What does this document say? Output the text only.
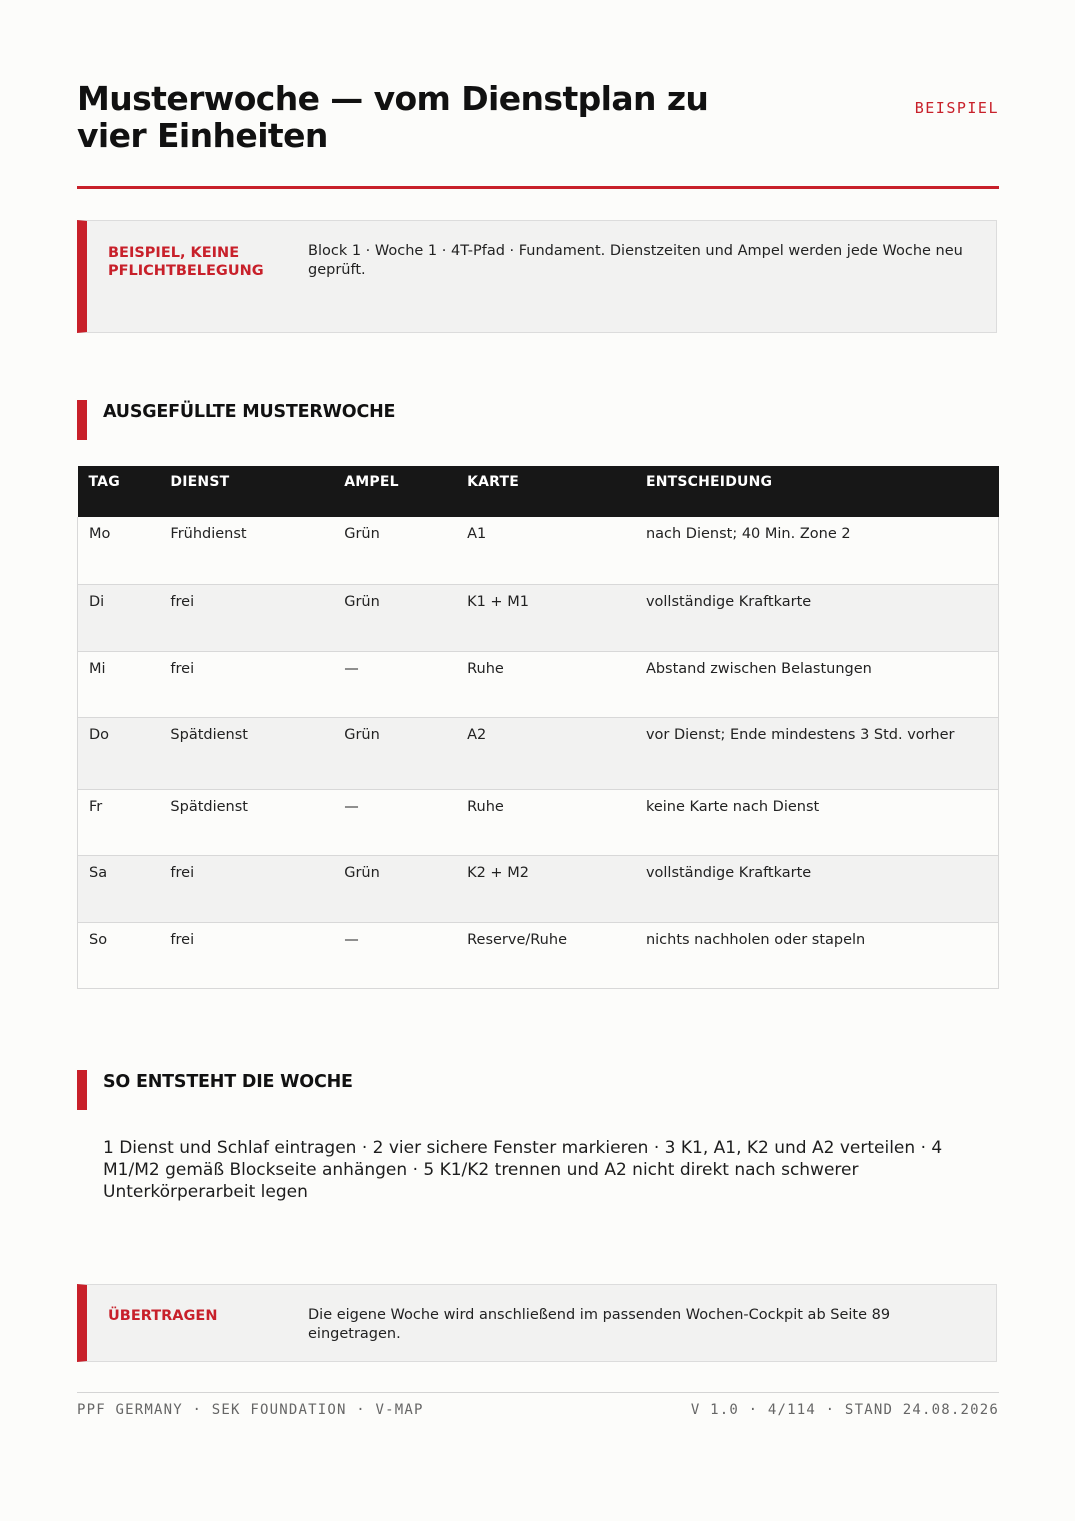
Musterwoche — vom Dienstplan zu vier Einheiten
BEISPIEL
BEISPIEL, KEINE PFLICHTBELEGUNG
Block 1 · Woche 1 · 4T-Pfad · Fundament. Dienstzeiten und Ampel werden jede Woche neu geprüft.
AUSGEFÜLLTE MUSTERWOCHE
TAG	DIENST	AMPEL	KARTE	ENTSCHEIDUNG
Mo	Frühdienst	Grün	A1	nach Dienst; 40 Min. Zone 2
Di	frei	Grün	K1 + M1	vollständige Kraftkarte
Mi	frei	—	Ruhe	Abstand zwischen Belastungen
Do	Spätdienst	Grün	A2	vor Dienst; Ende mindestens 3 Std. vorher
Fr	Spätdienst	—	Ruhe	keine Karte nach Dienst
Sa	frei	Grün	K2 + M2	vollständige Kraftkarte
So	frei	—	Reserve/Ruhe	nichts nachholen oder stapeln
SO ENTSTEHT DIE WOCHE
1 Dienst und Schlaf eintragen · 2 vier sichere Fenster markieren · 3 K1, A1, K2 und A2 verteilen · 4 M1/M2 gemäß Blockseite anhängen · 5 K1/K2 trennen und A2 nicht direkt nach schwerer Unterkörperarbeit legen
ÜBERTRAGEN	Die eigene Woche wird anschließend im passenden Wochen-Cockpit ab Seite 89 eingetragen.
PPF GERMANY · SEK FOUNDATION · V-MAP	V 1.0 · 4/114 · STAND 24.08.2026
